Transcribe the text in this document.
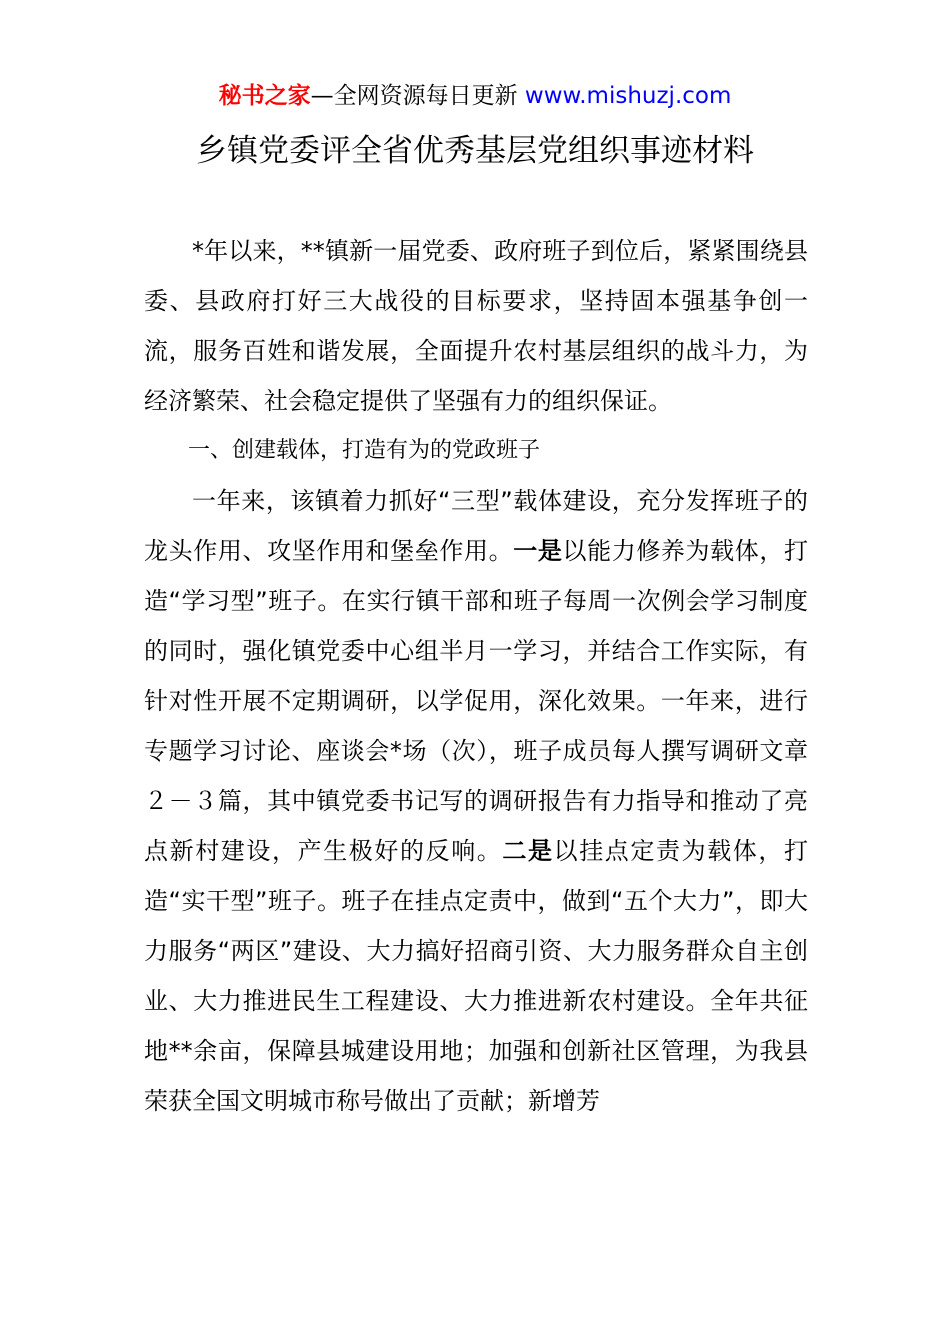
秘书之家—全网资源每日更新 www.mishuzj.com
乡镇党委评全省优秀基层党组织事迹材料

*年以来，**镇新一届党委、政府班子到位后，紧紧围绕县委、县政府打好三大战役的目标要求，坚持固本强基争创一流，服务百姓和谐发展，全面提升农村基层组织的战斗力，为经济繁荣、社会稳定提供了坚强有力的组织保证。

一、创建载体，打造有为的党政班子

一年来，该镇着力抓好“三型”载体建设，充分发挥班子的龙头作用、攻坚作用和堡垒作用。一是以能力修养为载体，打造“学习型”班子。在实行镇干部和班子每周一次例会学习制度的同时，强化镇党委中心组半月一学习，并结合工作实际，有针对性开展不定期调研，以学促用，深化效果。一年来，进行专题学习讨论、座谈会*场（次），班子成员每人撰写调研文章２－３篇，其中镇党委书记写的调研报告有力指导和推动了亮点新村建设，产生极好的反响。二是以挂点定责为载体，打造“实干型”班子。班子在挂点定责中，做到“五个大力”，即大力服务“两区”建设、大力搞好招商引资、大力服务群众自主创业、大力推进民生工程建设、大力推进新农村建设。全年共征地**余亩，保障县城建设用地；加强和创新社区管理，为我县荣获全国文明城市称号做出了贡献；新增芳
